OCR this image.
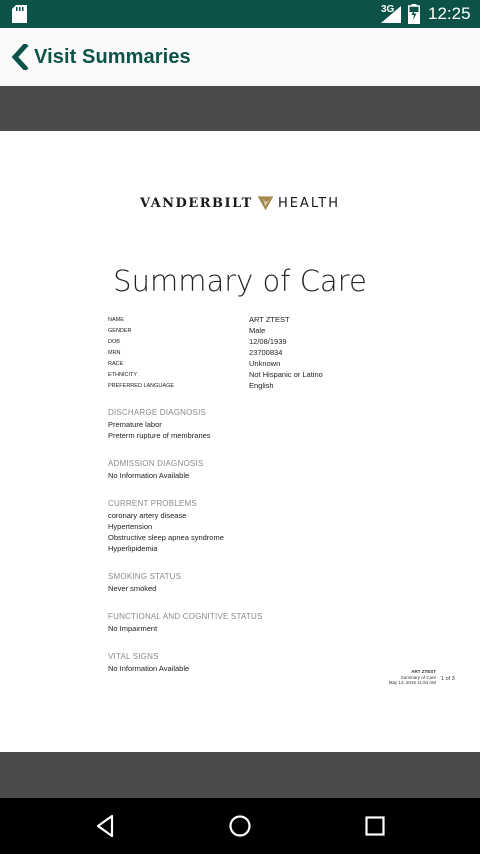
3G 12:25
Visit Summaries
VANDERBILT HEALTH
Summary of Care
NAME	ART ZTEST
GENDER	Male
DOB	12/08/1939
MRN	23700834
RACE	Unknown
ETHNICITY	Not Hispanic or Latino
PREFERRED LANGUAGE	English
DISCHARGE DIAGNOSIS
Premature labor
Preterm rupture of membranes
ADMISSION DIAGNOSIS
No Information Available
CURRENT PROBLEMS
coronary artery disease
Hypertension
Obstructive sleep apnea syndrome
Hyperlipidemia
SMOKING STATUS
Never smoked
FUNCTIONAL AND COGNITIVE STATUS
No Impairment
VITAL SIGNS
No Information Available	ART ZTEST
Summary of Care
May 14, 2015 11:54 AM
1 of 3
